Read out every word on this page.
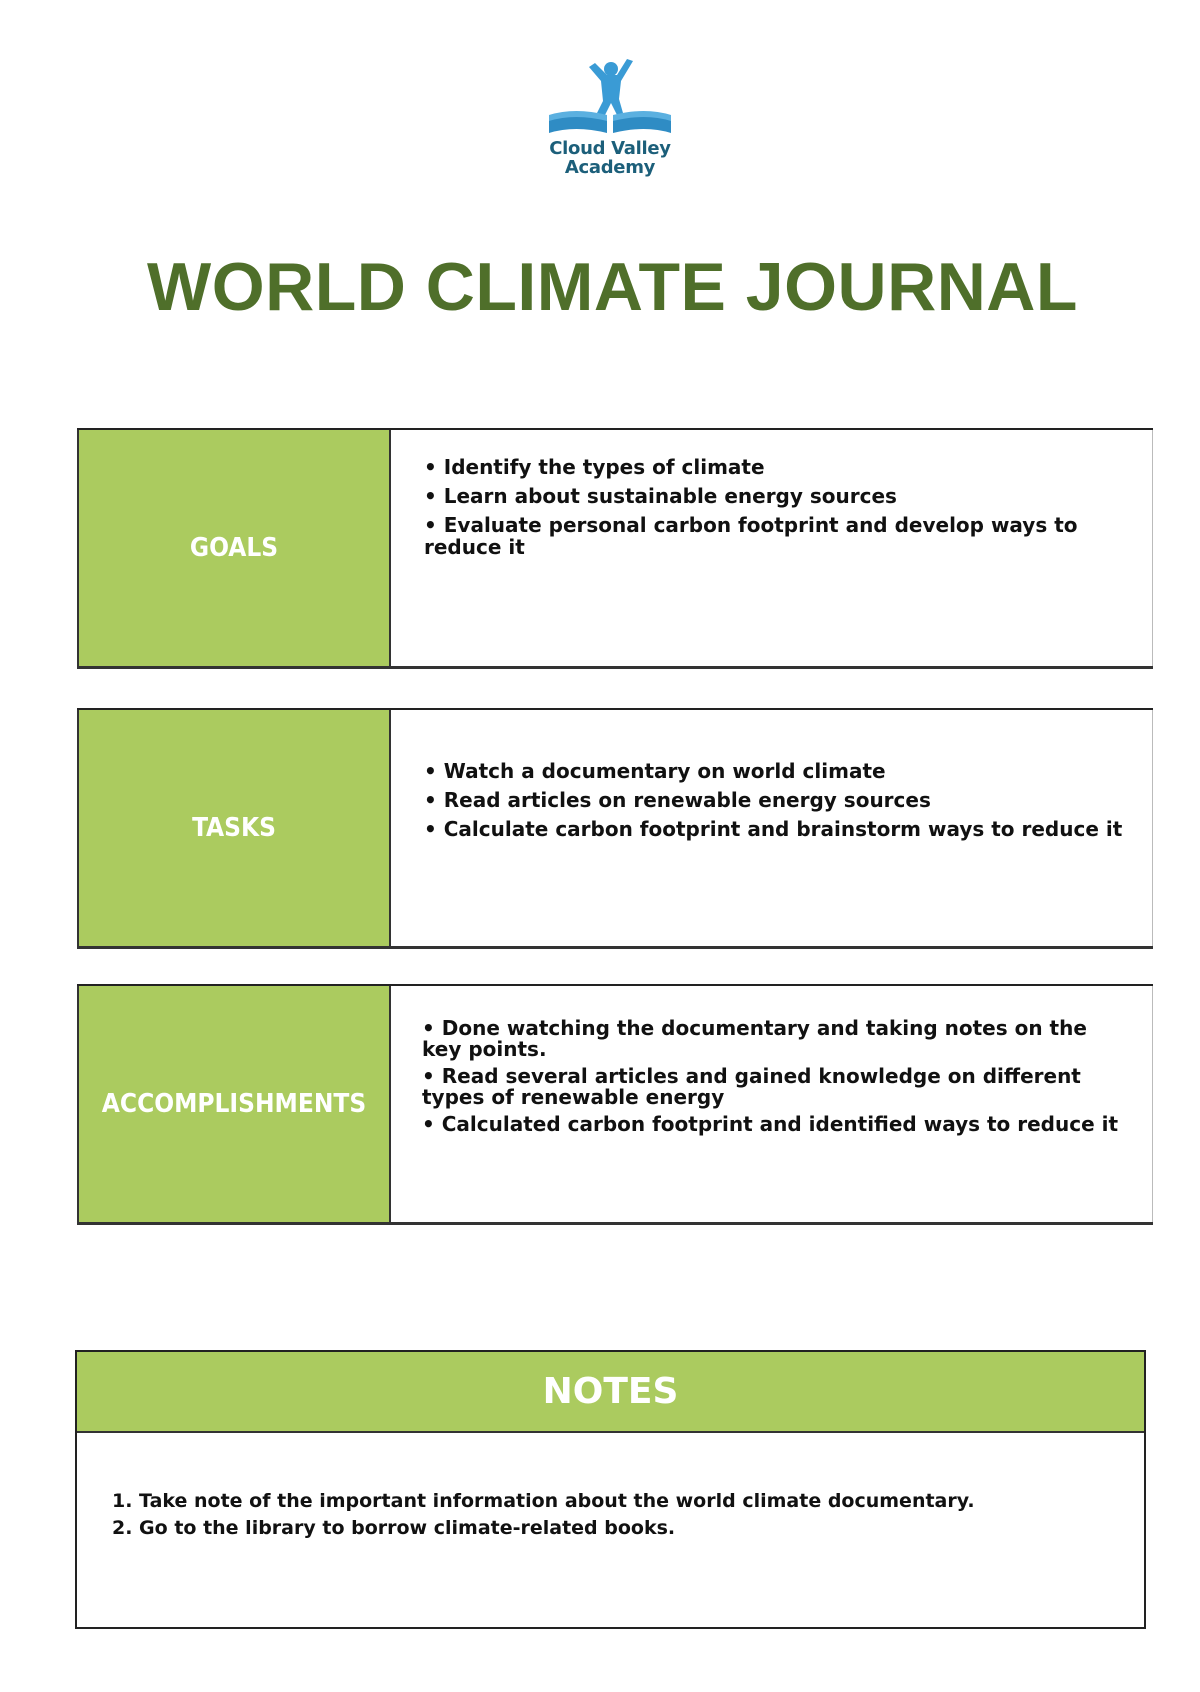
Cloud Valley
Academy
WORLD CLIMATE JOURNAL
GOALS
• Identify the types of climate
• Learn about sustainable energy sources
• Evaluate personal carbon footprint and develop ways to reduce it
TASKS
• Watch a documentary on world climate
• Read articles on renewable energy sources
• Calculate carbon footprint and brainstorm ways to reduce it
ACCOMPLISHMENTS
• Done watching the documentary and taking notes on the key points.
• Read several articles and gained knowledge on different types of renewable energy
• Calculated carbon footprint and identified ways to reduce it
NOTES
1. Take note of the important information about the world climate documentary.
2. Go to the library to borrow climate-related books.
